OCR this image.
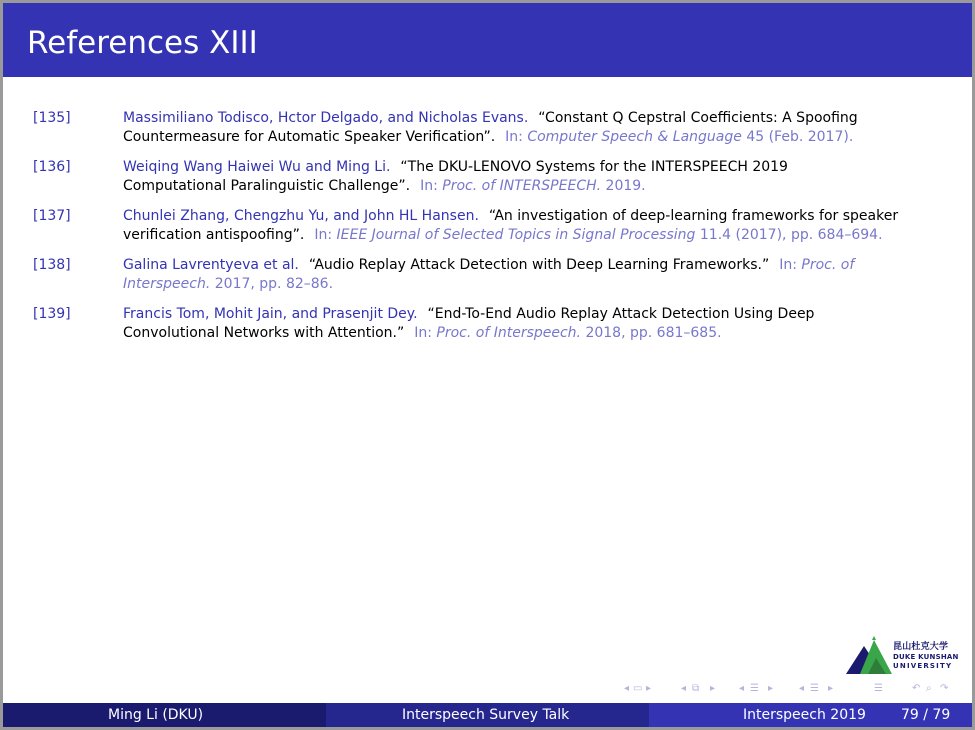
References XIII
[135]	Massimiliano Todisco, Hctor Delgado, and Nicholas Evans. “Constant Q Cepstral Coefficients: A Spoofing
Countermeasure for Automatic Speaker Verification”. In: Computer Speech & Language 45 (Feb. 2017).
[136]	Weiqing Wang Haiwei Wu and Ming Li. “The DKU-LENOVO Systems for the INTERSPEECH 2019
Computational Paralinguistic Challenge”. In: Proc. of INTERSPEECH. 2019.
[137]	Chunlei Zhang, Chengzhu Yu, and John HL Hansen. “An investigation of deep-learning frameworks for speaker
verification antispoofing”. In: IEEE Journal of Selected Topics in Signal Processing 11.4 (2017), pp. 684–694.
[138]	Galina Lavrentyeva et al. “Audio Replay Attack Detection with Deep Learning Frameworks.” In: Proc. of
Interspeech. 2017, pp. 82–86.
[139]	Francis Tom, Mohit Jain, and Prasenjit Dey. “End-To-End Audio Replay Attack Detection Using Deep
Convolutional Networks with Attention.” In: Proc. of Interspeech. 2018, pp. 681–685.
昆山杜克大学
DUKE KUNSHAN
UNIVERSITY
◂ ▭ ▸	◂ ⧉ ▸ ◂ ☰ ▸	◂ ☰ ▸	☰	↶ ⌕ ↷
Ming Li (DKU)	Interspeech Survey Talk	Interspeech 2019	79 / 79
